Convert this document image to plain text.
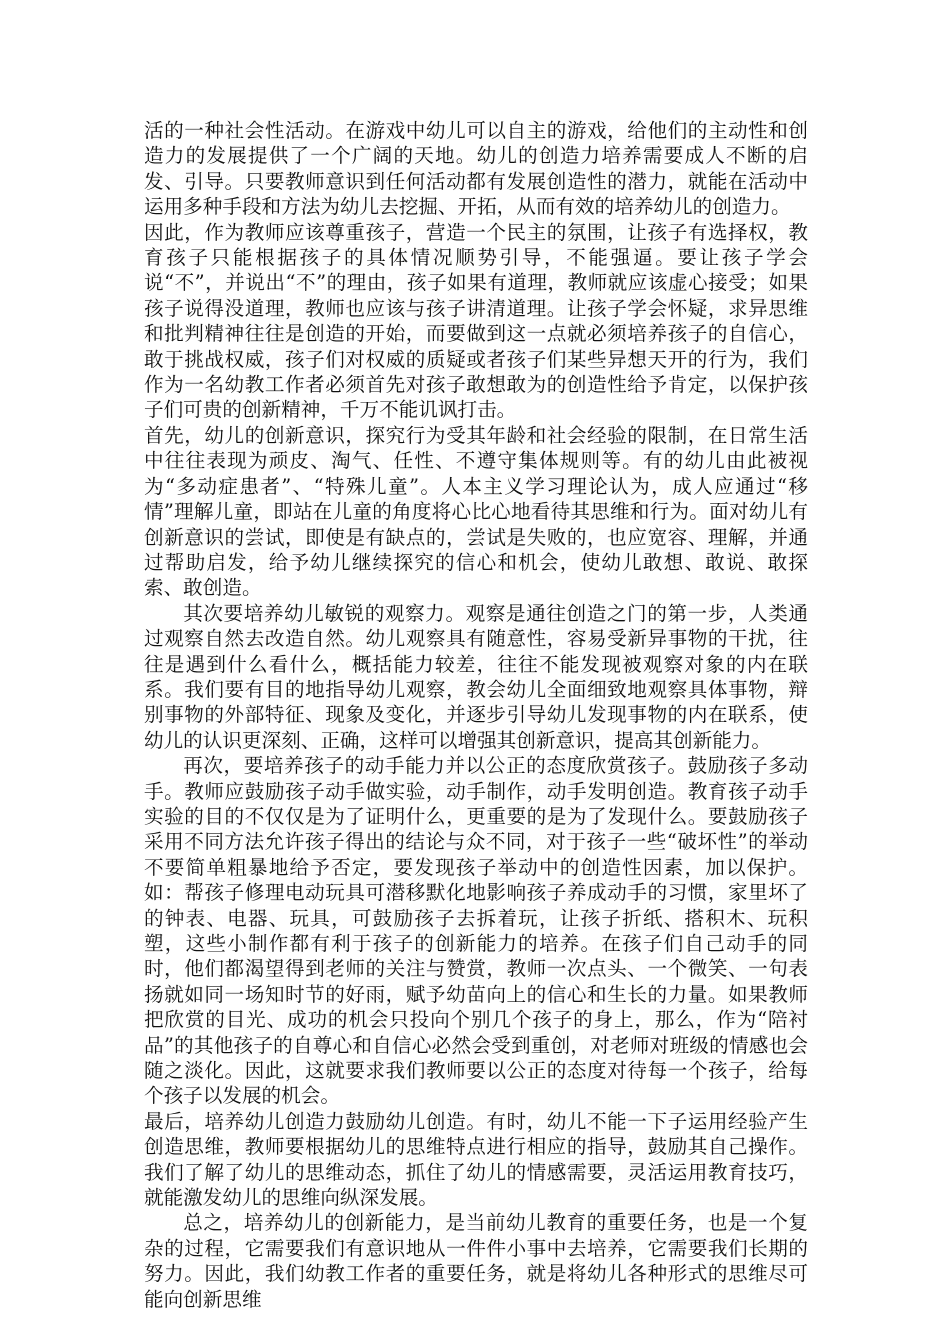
活的一种社会性活动。在游戏中幼儿可以自主的游戏，给他们的主动性和创造力的发展提供了一个广阔的天地。幼儿的创造力培养需要成人不断的启发、引导。只要教师意识到任何活动都有发展创造性的潜力，就能在活动中运用多种手段和方法为幼儿去挖掘、开拓，从而有效的培养幼儿的创造力。

因此，作为教师应该尊重孩子，营造一个民主的氛围，让孩子有选择权，教育孩子只能根据孩子的具体情况顺势引导，不能强逼。要让孩子学会说“不”，并说出“不”的理由，孩子如果有道理，教师就应该虚心接受；如果孩子说得没道理，教师也应该与孩子讲清道理。让孩子学会怀疑，求异思维和批判精神往往是创造的开始，而要做到这一点就必须培养孩子的自信心，敢于挑战权威，孩子们对权威的质疑或者孩子们某些异想天开的行为，我们作为一名幼教工作者必须首先对孩子敢想敢为的创造性给予肯定，以保护孩子们可贵的创新精神，千万不能讥讽打击。

首先，幼儿的创新意识，探究行为受其年龄和社会经验的限制，在日常生活中往往表现为顽皮、淘气、任性、不遵守集体规则等。有的幼儿由此被视为“多动症患者”、“特殊儿童”。人本主义学习理论认为，成人应通过“移情”理解儿童，即站在儿童的角度将心比心地看待其思维和行为。面对幼儿有创新意识的尝试，即使是有缺点的，尝试是失败的，也应宽容、理解，并通过帮助启发，给予幼儿继续探究的信心和机会，使幼儿敢想、敢说、敢探索、敢创造。

其次要培养幼儿敏锐的观察力。观察是通往创造之门的第一步，人类通过观察自然去改造自然。幼儿观察具有随意性，容易受新异事物的干扰，往往是遇到什么看什么，概括能力较差，往往不能发现被观察对象的内在联系。我们要有目的地指导幼儿观察，教会幼儿全面细致地观察具体事物，辩别事物的外部特征、现象及变化，并逐步引导幼儿发现事物的内在联系，使幼儿的认识更深刻、正确，这样可以增强其创新意识，提高其创新能力。

再次，要培养孩子的动手能力并以公正的态度欣赏孩子。鼓励孩子多动手。教师应鼓励孩子动手做实验，动手制作，动手发明创造。教育孩子动手实验的目的不仅仅是为了证明什么，更重要的是为了发现什么。要鼓励孩子采用不同方法允许孩子得出的结论与众不同，对于孩子一些“破坏性”的举动不要简单粗暴地给予否定，要发现孩子举动中的创造性因素，加以保护。如：帮孩子修理电动玩具可潜移默化地影响孩子养成动手的习惯，家里坏了的钟表、电器、玩具，可鼓励孩子去拆着玩，让孩子折纸、搭积木、玩积塑，这些小制作都有利于孩子的创新能力的培养。在孩子们自己动手的同时，他们都渴望得到老师的关注与赞赏，教师一次点头、一个微笑、一句表扬就如同一场知时节的好雨，赋予幼苗向上的信心和生长的力量。如果教师把欣赏的目光、成功的机会只投向个别几个孩子的身上，那么，作为“陪衬品”的其他孩子的自尊心和自信心必然会受到重创，对老师对班级的情感也会随之淡化。因此，这就要求我们教师要以公正的态度对待每一个孩子，给每个孩子以发展的机会。

最后，培养幼儿创造力鼓励幼儿创造。有时，幼儿不能一下子运用经验产生创造思维，教师要根据幼儿的思维特点进行相应的指导，鼓励其自己操作。我们了解了幼儿的思维动态，抓住了幼儿的情感需要，灵活运用教育技巧，就能激发幼儿的思维向纵深发展。

总之，培养幼儿的创新能力，是当前幼儿教育的重要任务，也是一个复杂的过程，它需要我们有意识地从一件件小事中去培养，它需要我们长期的努力。因此，我们幼教工作者的重要任务，就是将幼儿各种形式的思维尽可能向创新思维
